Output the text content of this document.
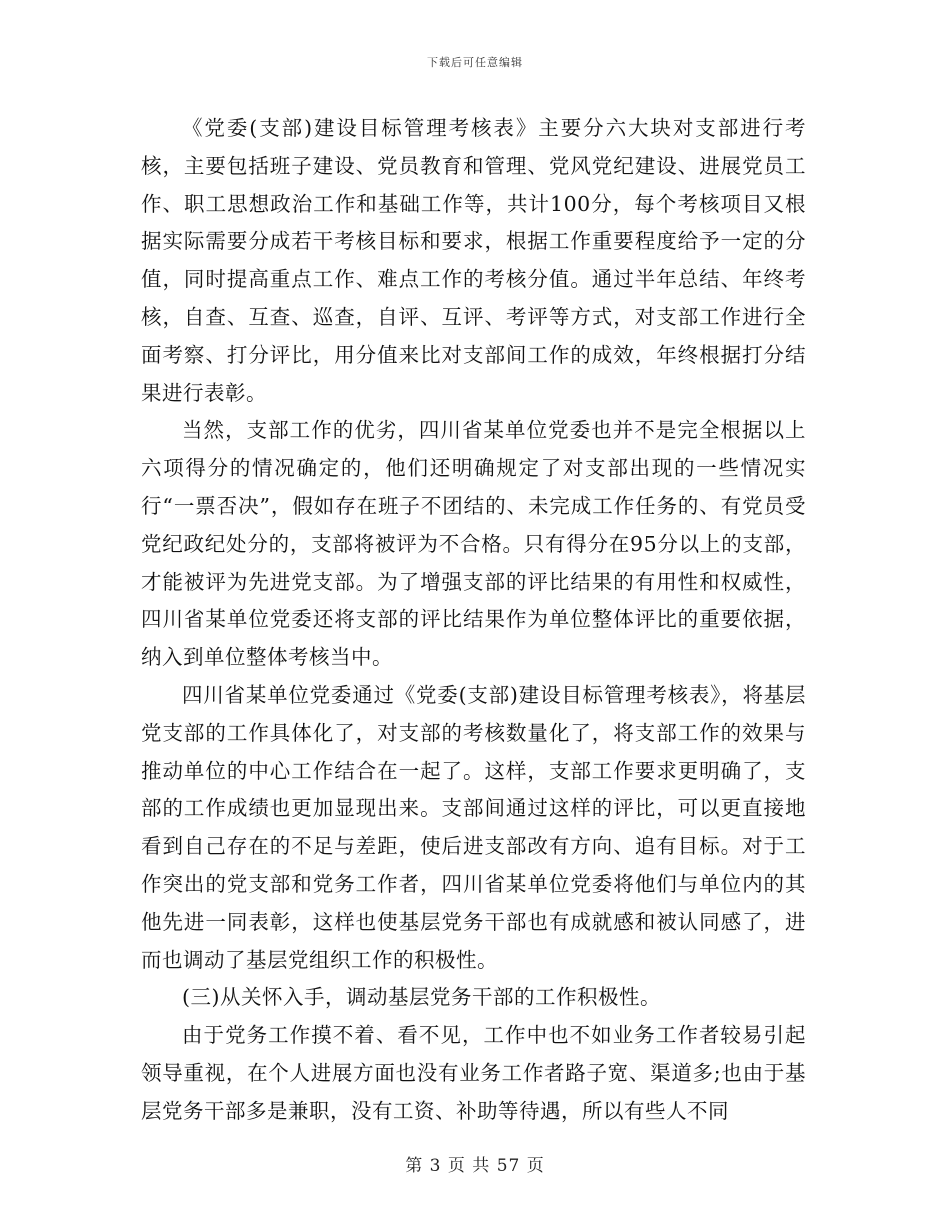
下载后可任意编辑

《党委(支部)建设目标管理考核表》主要分六大块对支部进行考核，主要包括班子建设、党员教育和管理、党风党纪建设、进展党员工作、职工思想政治工作和基础工作等，共计100分，每个考核项目又根据实际需要分成若干考核目标和要求，根据工作重要程度给予一定的分值，同时提高重点工作、难点工作的考核分值。通过半年总结、年终考核，自查、互查、巡查，自评、互评、考评等方式，对支部工作进行全面考察、打分评比，用分值来比对支部间工作的成效，年终根据打分结果进行表彰。

当然，支部工作的优劣，四川省某单位党委也并不是完全根据以上六项得分的情况确定的，他们还明确规定了对支部出现的一些情况实行“一票否决”，假如存在班子不团结的、未完成工作任务的、有党员受党纪政纪处分的，支部将被评为不合格。只有得分在95分以上的支部，才能被评为先进党支部。为了增强支部的评比结果的有用性和权威性，四川省某单位党委还将支部的评比结果作为单位整体评比的重要依据，纳入到单位整体考核当中。

四川省某单位党委通过《党委(支部)建设目标管理考核表》，将基层党支部的工作具体化了，对支部的考核数量化了，将支部工作的效果与推动单位的中心工作结合在一起了。这样，支部工作要求更明确了，支部的工作成绩也更加显现出来。支部间通过这样的评比，可以更直接地看到自己存在的不足与差距，使后进支部改有方向、追有目标。对于工作突出的党支部和党务工作者，四川省某单位党委将他们与单位内的其他先进一同表彰，这样也使基层党务干部也有成就感和被认同感了，进而也调动了基层党组织工作的积极性。

(三)从关怀入手，调动基层党务干部的工作积极性。

由于党务工作摸不着、看不见，工作中也不如业务工作者较易引起领导重视，在个人进展方面也没有业务工作者路子宽、渠道多;也由于基层党务干部多是兼职，没有工资、补助等待遇，所以有些人不同

第 3 页 共 57 页
